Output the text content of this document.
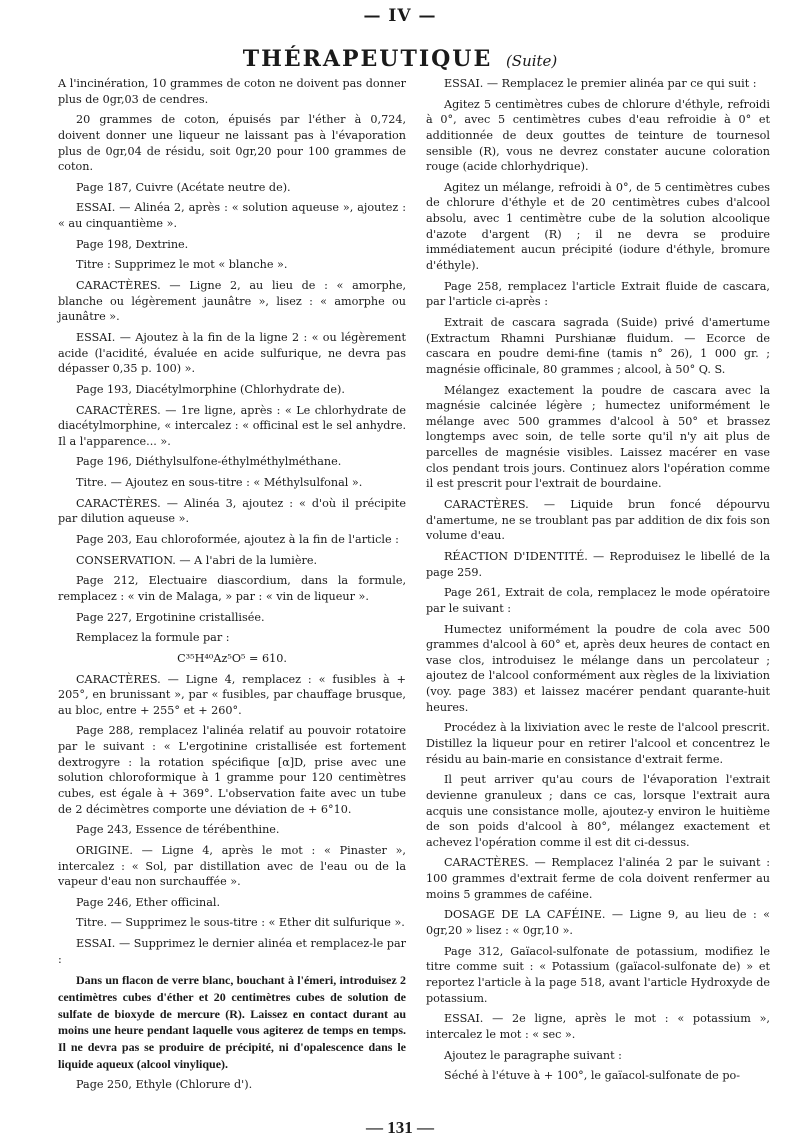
— IV —
THÉRAPEUTIQUE (Suite)

A l'incinération, 10 grammes de coton ne doivent pas donner plus de 0gr,03 de cendres.

20 grammes de coton, épuisés par l'éther à 0,724, doivent donner une liqueur ne laissant pas à l'évaporation plus de 0gr,04 de résidu, soit 0gr,20 pour 100 grammes de coton.

Page 187, Cuivre (Acétate neutre de).

ESSAI. — Alinéa 2, après : « solution aqueuse », ajoutez : « au cinquantième ».

Page 198, Dextrine.

Titre : Supprimez le mot « blanche ».

CARACTÈRES. — Ligne 2, au lieu de : « amorphe, blanche ou légèrement jaunâtre », lisez : « amorphe ou jaunâtre ».

ESSAI. — Ajoutez à la fin de la ligne 2 : « ou légèrement acide (l'acidité, évaluée en acide sulfurique, ne devra pas dépasser 0,35 p. 100) ».

Page 193, Diacétylmorphine (Chlorhydrate de).

CARACTÈRES. — 1re ligne, après : « Le chlorhydrate de diacétylmorphine, « intercalez : « officinal est le sel anhydre. Il a l'apparence... ».

Page 196, Diéthylsulfone-éthylméthylméthane.

Titre. — Ajoutez en sous-titre : « Méthylsulfonal ».

CARACTÈRES. — Alinéa 3, ajoutez : « d'où il précipite par dilution aqueuse ».

Page 203, Eau chloroformée, ajoutez à la fin de l'article :

CONSERVATION. — A l'abri de la lumière.

Page 212, Electuaire diascordium, dans la formule, remplacez : « vin de Malaga, » par : « vin de liqueur ».

Page 227, Ergotinine cristallisée.

Remplacez la formule par :

C³⁵H⁴⁰Az⁵O⁵ = 610.

CARACTÈRES. — Ligne 4, remplacez : « fusibles à + 205°, en brunissant », par « fusibles, par chauffage brusque, au bloc, entre + 255° et + 260°.

Page 288, remplacez l'alinéa relatif au pouvoir rotatoire par le suivant : « L'ergotinine cristallisée est fortement dextrogyre : la rotation spécifique [α]D, prise avec une solution chloroformique à 1 gramme pour 120 centimètres cubes, est égale à + 369°. L'observation faite avec un tube de 2 décimètres comporte une déviation de + 6°10.

Page 243, Essence de térébenthine.

ORIGINE. — Ligne 4, après le mot : « Pinaster », intercalez : « Sol, par distillation avec de l'eau ou de la vapeur d'eau non surchauffée ».

Page 246, Ether officinal.

Titre. — Supprimez le sous-titre : « Ether dit sulfurique ».

ESSAI. — Supprimez le dernier alinéa et remplacez-le par :

Dans un flacon de verre blanc, bouchant à l'émeri, introduisez 2 centimètres cubes d'éther et 20 centimètres cubes de solution de sulfate de bioxyde de mercure (R). Laissez en contact durant au moins une heure pendant laquelle vous agiterez de temps en temps. Il ne devra pas se produire de précipité, ni d'opalescence dans le liquide aqueux (alcool vinylique).

Page 250, Ethyle (Chlorure d').

ESSAI. — Remplacez le premier alinéa par ce qui suit :

Agitez 5 centimètres cubes de chlorure d'éthyle, refroidi à 0°, avec 5 centimètres cubes d'eau refroidie à 0° et additionnée de deux gouttes de teinture de tournesol sensible (R), vous ne devrez constater aucune coloration rouge (acide chlorhydrique).

Agitez un mélange, refroidi à 0°, de 5 centimètres cubes de chlorure d'éthyle et de 20 centimètres cubes d'alcool absolu, avec 1 centimètre cube de la solution alcoolique d'azote d'argent (R) ; il ne devra se produire immédiatement aucun précipité (iodure d'éthyle, bromure d'éthyle).

Page 258, remplacez l'article Extrait fluide de cascara, par l'article ci-après :

Extrait de cascara sagrada (Suide) privé d'amertume (Extractum Rhamni Purshianæ fluidum. — Ecorce de cascara en poudre demi-fine (tamis n° 26), 1 000 gr. ; magnésie officinale, 80 grammes ; alcool, à 50° Q. S.

Mélangez exactement la poudre de cascara avec la magnésie calcinée légère ; humectez uniformément le mélange avec 500 grammes d'alcool à 50° et brassez longtemps avec soin, de telle sorte qu'il n'y ait plus de parcelles de magnésie visibles. Laissez macérer en vase clos pendant trois jours. Continuez alors l'opération comme il est prescrit pour l'extrait de bourdaine.

CARACTÈRES. — Liquide brun foncé dépourvu d'amertume, ne se troublant pas par addition de dix fois son volume d'eau.

RÉACTION D'IDENTITÉ. — Reproduisez le libellé de la page 259.

Page 261, Extrait de cola, remplacez le mode opératoire par le suivant :

Humectez uniformément la poudre de cola avec 500 grammes d'alcool à 60° et, après deux heures de contact en vase clos, introduisez le mélange dans un percolateur ; ajoutez de l'alcool conformément aux règles de la lixiviation (voy. page 383) et laissez macérer pendant quarante-huit heures.

Procédez à la lixiviation avec le reste de l'alcool prescrit. Distillez la liqueur pour en retirer l'alcool et concentrez le résidu au bain-marie en consistance d'extrait ferme.

Il peut arriver qu'au cours de l'évaporation l'extrait devienne granuleux ; dans ce cas, lorsque l'extrait aura acquis une consistance molle, ajoutez-y environ le huitième de son poids d'alcool à 80°, mélangez exactement et achevez l'opération comme il est dit ci-dessus.

CARACTÈRES. — Remplacez l'alinéa 2 par le suivant : 100 grammes d'extrait ferme de cola doivent renfermer au moins 5 grammes de caféine.

DOSAGE DE LA CAFÉINE. — Ligne 9, au lieu de : « 0gr,20 » lisez : « 0gr,10 ».

Page 312, Gaïacol-sulfonate de potassium, modifiez le titre comme suit : « Potassium (gaïacol-sulfonate de) » et reportez l'article à la page 518, avant l'article Hydroxyde de potassium.

ESSAI. — 2e ligne, après le mot : « potassium », intercalez le mot : « sec ».

Ajoutez le paragraphe suivant :

Séché à l'étuve à + 100°, le gaïacol-sulfonate de po-

— 131 —
